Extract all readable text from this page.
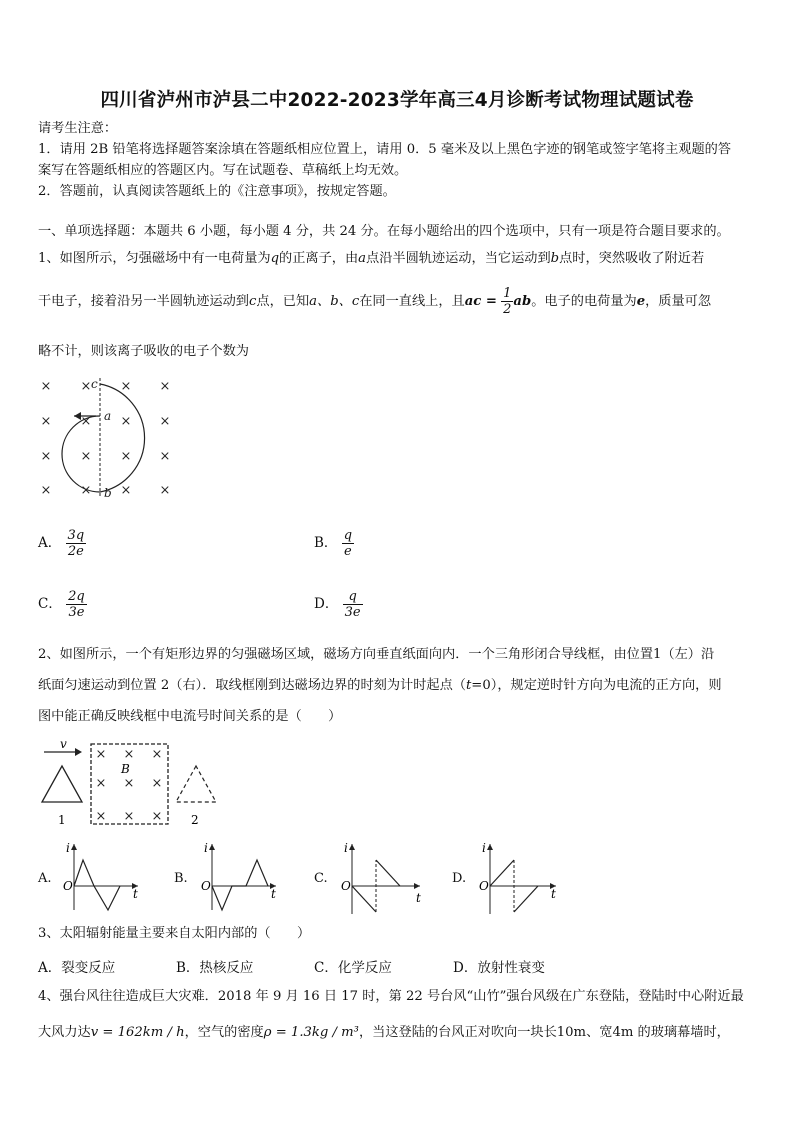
四川省泸州市泸县二中2022-2023学年高三4月诊断考试物理试题试卷
请考生注意：
1．请用 2B 铅笔将选择题答案涂填在答题纸相应位置上，请用 0．5 毫米及以上黑色字迹的钢笔或签字笔将主观题的答
案写在答题纸相应的答题区内。写在试题卷、草稿纸上均无效。
2．答题前，认真阅读答题纸上的《注意事项》，按规定答题。
一、单项选择题：本题共 6 小题，每小题 4 分，共 24 分。在每小题给出的四个选项中，只有一项是符合题目要求的。
1、如图所示，匀强磁场中有一电荷量为q的正离子，由a点沿半圆轨迹运动，当它运动到b点时，突然吸收了附近若
干电子，接着沿另一半圆轨迹运动到c点，已知a、b、c在同一直线上，且ac = $\frac{1}{2}$ ab。电子的电荷量为e，质量可忽
略不计，则该离子吸收的电子个数为
× × × ×
× × × ×
× × × ×
× × × ×
c
a
b
A． $\frac{3q}{2e}$	B． $\frac{q}{e}$
C． $\frac{2q}{3e}$	D． $\frac{q}{3e}$
2、如图所示，一个有矩形边界的匀强磁场区域，磁场方向垂直纸面向内．一个三角形闭合导线框，由位置1（左）沿
纸面匀速运动到位置 2（右）．取线框刚到达磁场边界的时刻为计时起点（t=0），规定逆时针方向为电流的正方向，则
图中能正确反映线框中电流号时间关系的是（　　）
v
× × ×
× × ×
× × ×
B
1	2
A.	B.	C.	D.
i
O
t
i
O
t
i
O
t
i
O
t
3、太阳辐射能量主要来自太阳内部的（　　）
A．裂变反应	B．热核反应	C．化学反应	D．放射性衰变
4、强台风往往造成巨大灾难．2018 年 9 月 16 日 17 时，第 22 号台风“山竹”强台风级在广东登陆，登陆时中心附近最
大风力达v = 162km / h，空气的密度ρ = 1.3kg / m³，当这登陆的台风正对吹向一块长10m、宽4m 的玻璃幕墙时，
